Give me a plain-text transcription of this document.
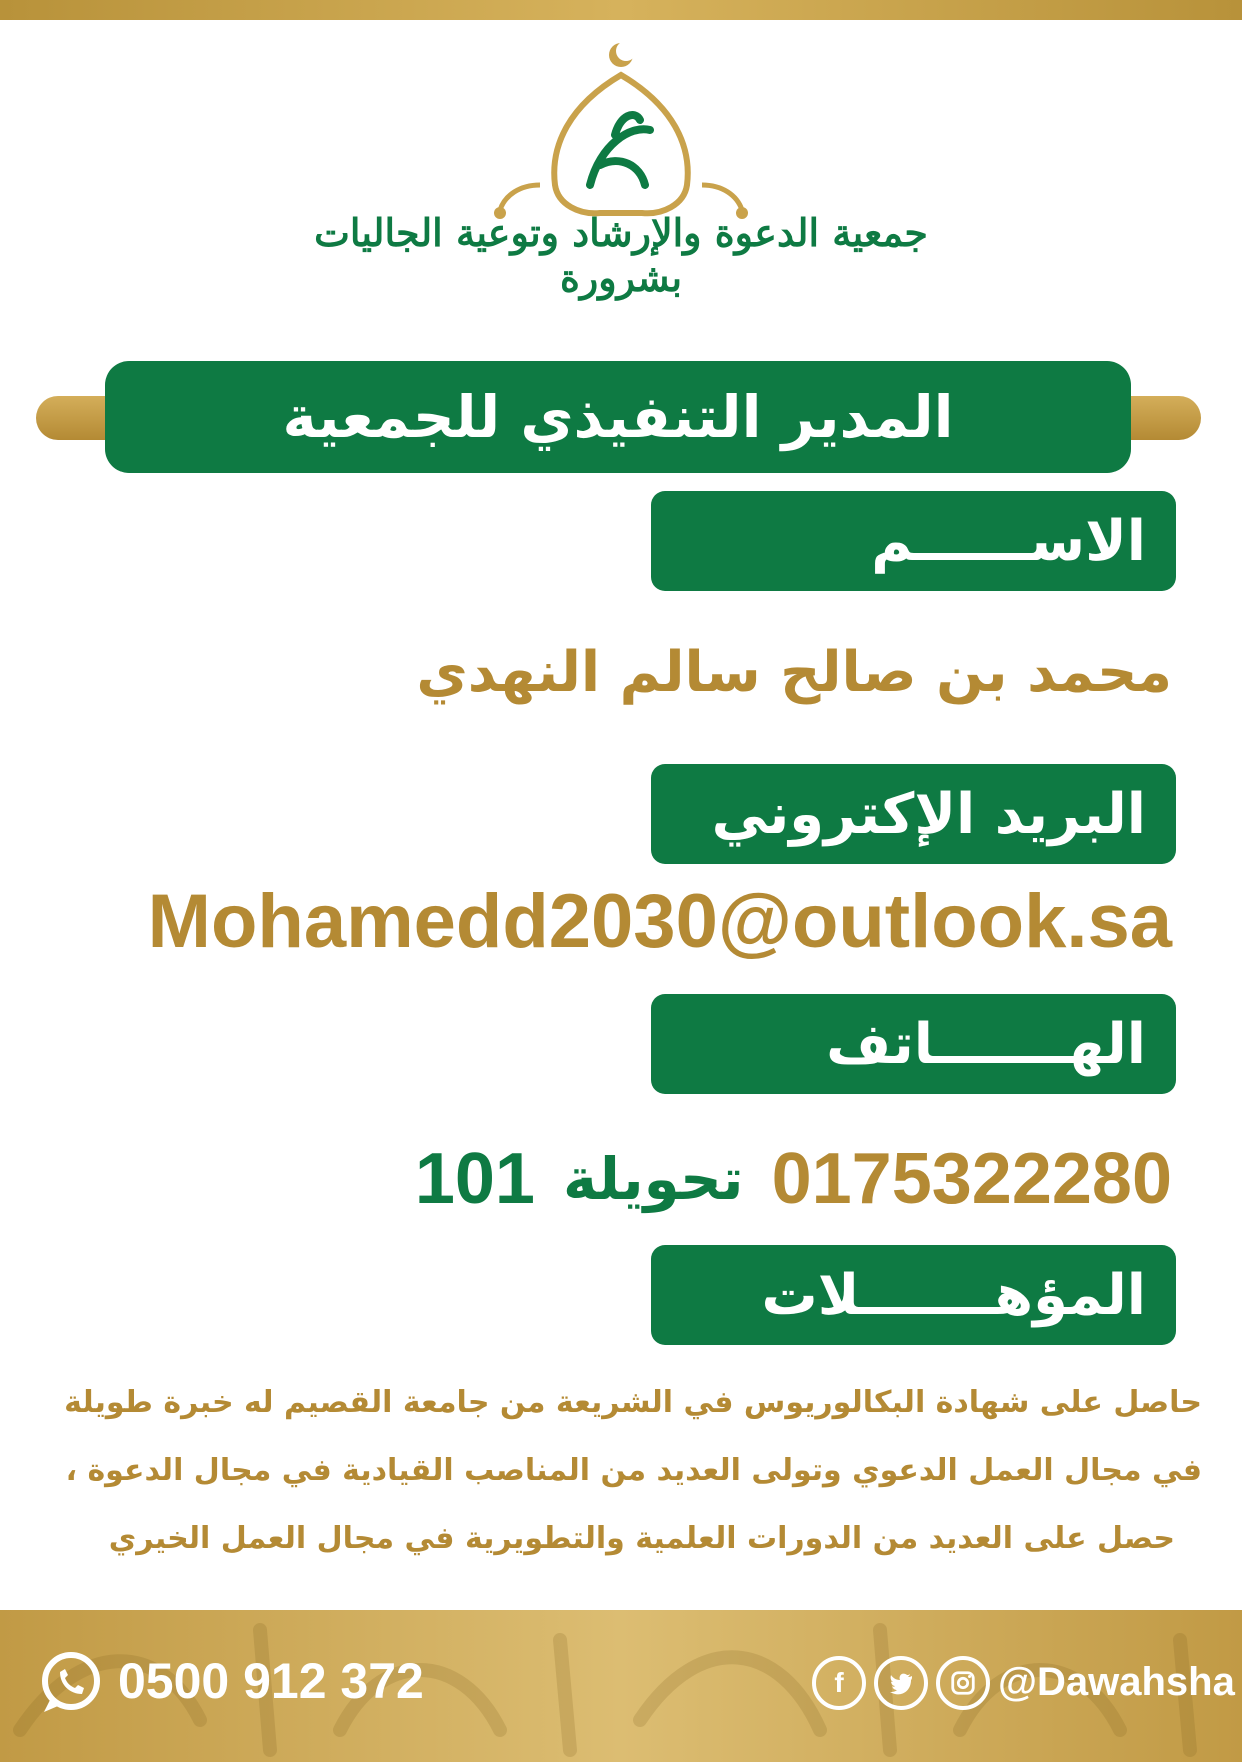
جمعية الدعوة والإرشاد وتوعية الجاليات بشرورة
المدير التنفيذي للجمعية
الاســــــم
محمد بن صالح سالم النهدي
البريد الإكتروني
Mohamedd2030@outlook.sa
الهـــــــاتف
0175322280
تحويلة
101
المؤهـــــــلات
حاصل على شهادة البكالوريوس في الشريعة من جامعة القصيم له خبرة طويلة
في مجال العمل الدعوي وتولى العديد من المناصب القيادية في مجال الدعوة ،
حصل على العديد من الدورات العلمية والتطويرية في مجال العمل الخيري
0500 912 372	f	@Dawahsha
